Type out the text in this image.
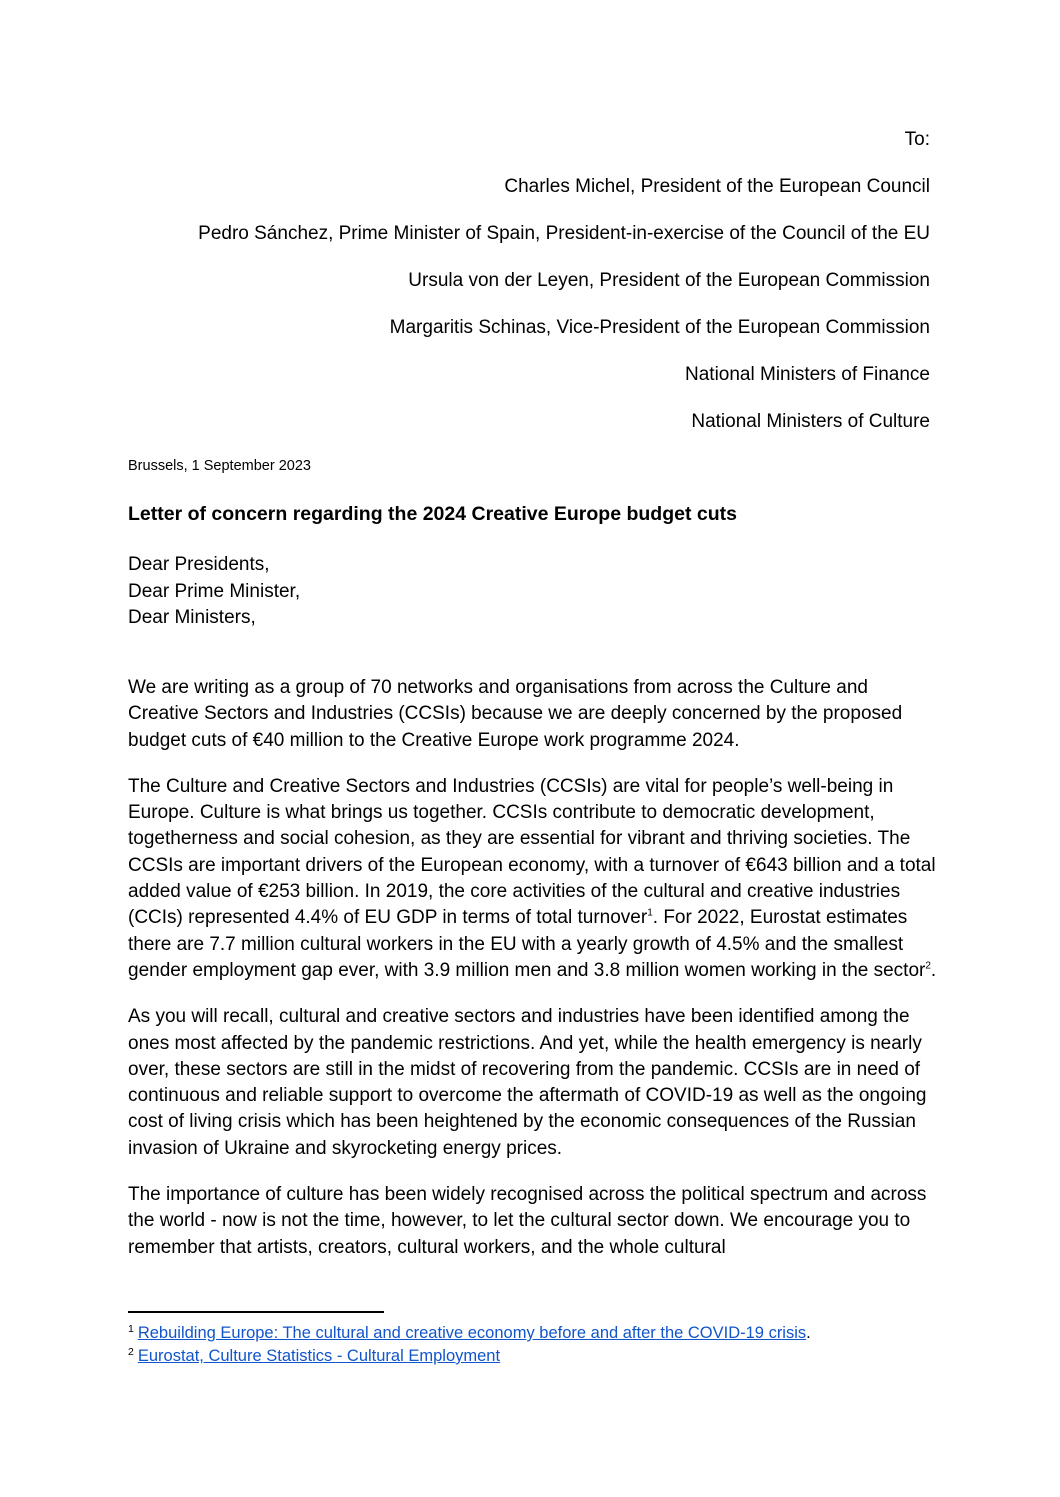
To:
Charles Michel, President of the European Council
Pedro Sánchez, Prime Minister of Spain, President-in-exercise of the Council of the EU
Ursula von der Leyen, President of the European Commission
Margaritis Schinas, Vice-President of the European Commission
National Ministers of Finance
National Ministers of Culture
Brussels, 1 September 2023
Letter of concern regarding the 2024 Creative Europe budget cuts
Dear Presidents,
Dear Prime Minister,
Dear Ministers,

We are writing as a group of 70 networks and organisations from across the Culture and Creative Sectors and Industries (CCSIs) because we are deeply concerned by the proposed budget cuts of €40 million to the Creative Europe work programme 2024.

The Culture and Creative Sectors and Industries (CCSIs) are vital for people’s well-being in Europe. Culture is what brings us together. CCSIs contribute to democratic development, togetherness and social cohesion, as they are essential for vibrant and thriving societies. The CCSIs are important drivers of the European economy, with a turnover of €643 billion and a total added value of €253 billion. In 2019, the core activities of the cultural and creative industries (CCIs) represented 4.4% of EU GDP in terms of total turnover$^1$. For 2022, Eurostat estimates there are 7.7 million cultural workers in the EU with a yearly growth of 4.5% and the smallest gender employment gap ever, with 3.9 million men and 3.8 million women working in the sector$^2$.

As you will recall, cultural and creative sectors and industries have been identified among the ones most affected by the pandemic restrictions. And yet, while the health emergency is nearly over, these sectors are still in the midst of recovering from the pandemic. CCSIs are in need of continuous and reliable support to overcome the aftermath of COVID-19 as well as the ongoing cost of living crisis which has been heightened by the economic consequences of the Russian invasion of Ukraine and skyrocketing energy prices.

The importance of culture has been widely recognised across the political spectrum and across the world - now is not the time, however, to let the cultural sector down. We encourage you to remember that artists, creators, cultural workers, and the whole cultural

$^1$ Rebuilding Europe: The cultural and creative economy before and after the COVID-19 crisis.
$^2$ Eurostat, Culture Statistics - Cultural Employment
